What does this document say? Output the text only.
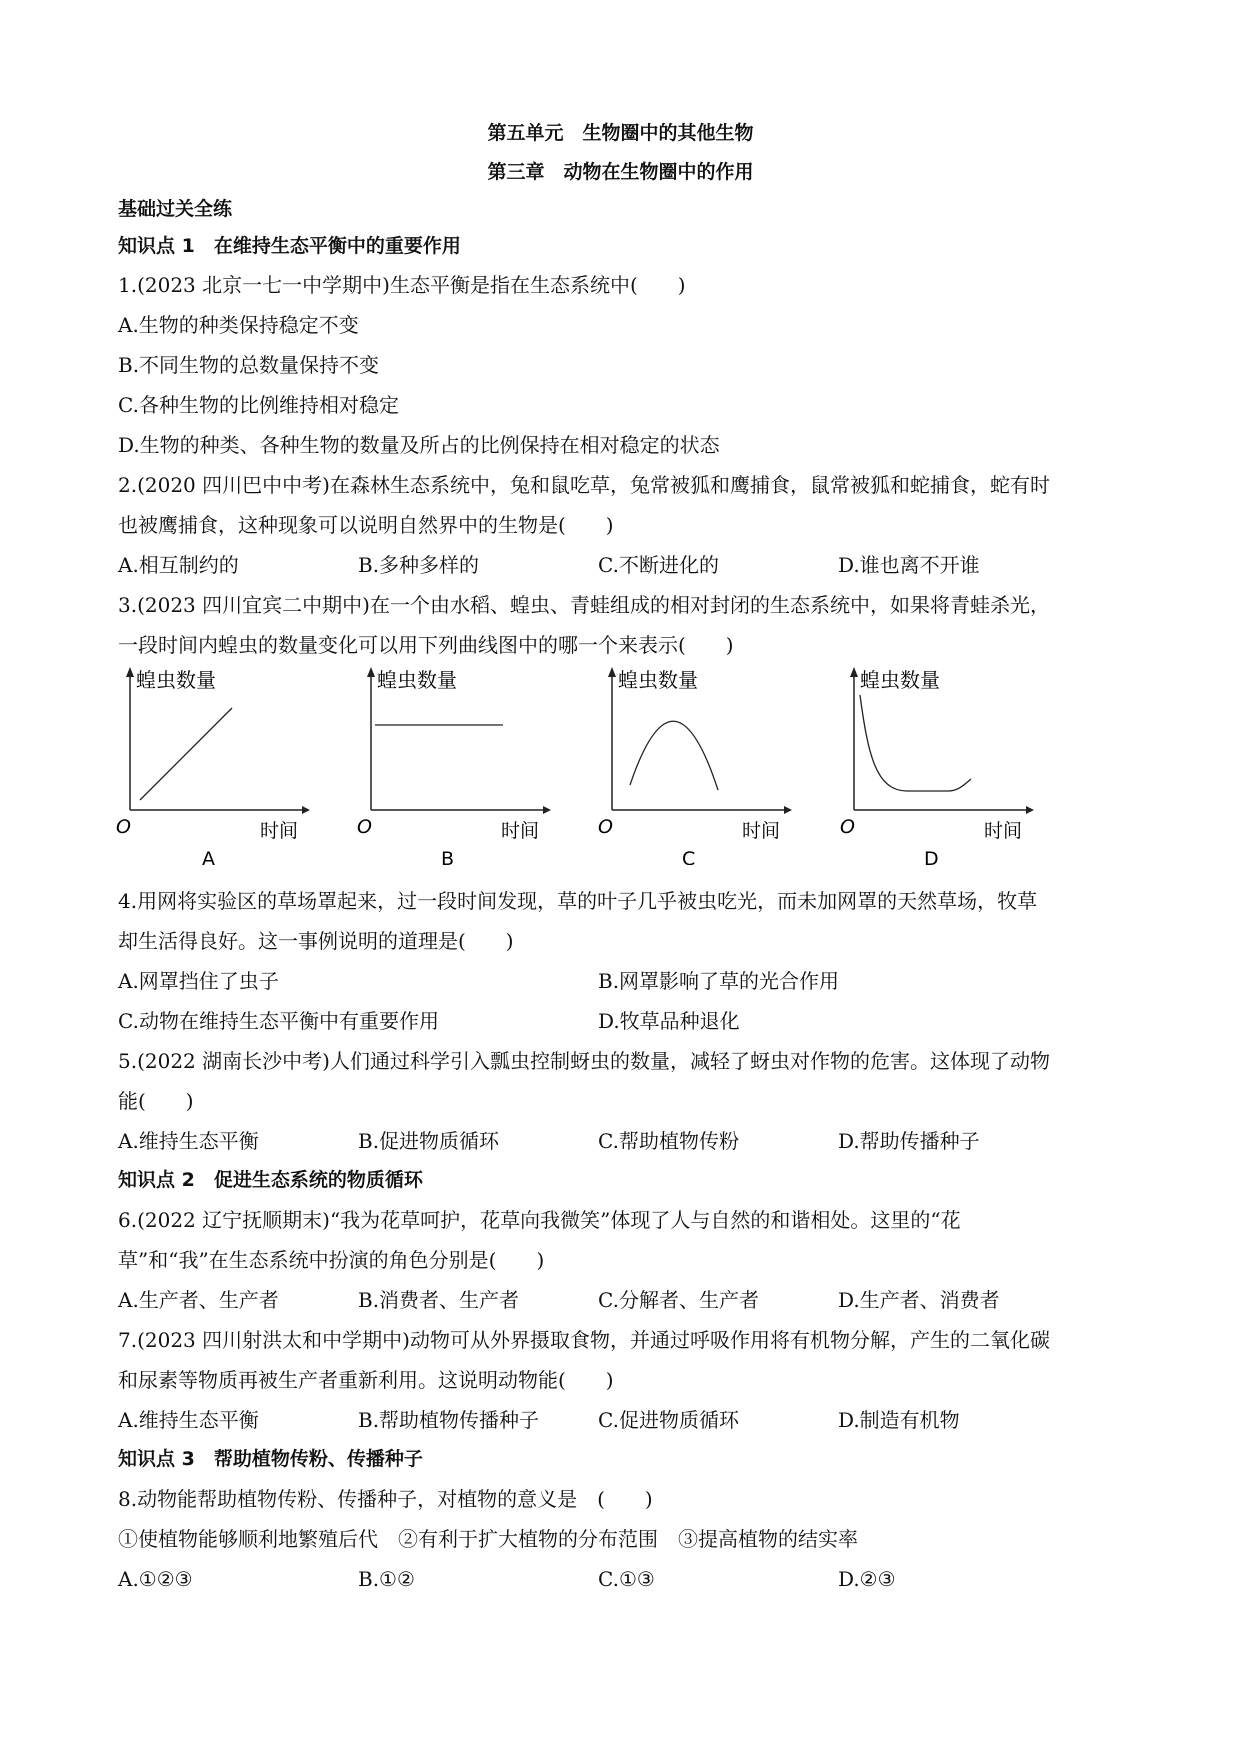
第五单元　生物圈中的其他生物
第三章　动物在生物圈中的作用
基础过关全练
知识点 1　在维持生态平衡中的重要作用
1.(2023 北京一七一中学期中)生态平衡是指在生态系统中(　　)
A.生物的种类保持稳定不变
B.不同生物的总数量保持不变
C.各种生物的比例维持相对稳定
D.生物的种类、各种生物的数量及所占的比例保持在相对稳定的状态
2.(2020 四川巴中中考)在森林生态系统中，兔和鼠吃草，兔常被狐和鹰捕食，鼠常被狐和蛇捕食，蛇有时
也被鹰捕食，这种现象可以说明自然界中的生物是(　　)
A.相互制约的	B.多种多样的	C.不断进化的	D.谁也离不开谁
3.(2023 四川宜宾二中期中)在一个由水稻、蝗虫、青蛙组成的相对封闭的生态系统中，如果将青蛙杀光，
一段时间内蝗虫的数量变化可以用下列曲线图中的哪一个来表示(　　)
蝗虫数量
O	时间
A
蝗虫数量
O	时间
B
蝗虫数量
O	时间
C
蝗虫数量
O	时间
D
4.用网将实验区的草场罩起来，过一段时间发现，草的叶子几乎被虫吃光，而未加网罩的天然草场，牧草
却生活得良好。这一事例说明的道理是(　　)
A.网罩挡住了虫子	B.网罩影响了草的光合作用
C.动物在维持生态平衡中有重要作用	D.牧草品种退化
5.(2022 湖南长沙中考)人们通过科学引入瓢虫控制蚜虫的数量，减轻了蚜虫对作物的危害。这体现了动物
能(　　)
A.维持生态平衡	B.促进物质循环	C.帮助植物传粉	D.帮助传播种子
知识点 2　促进生态系统的物质循环
6.(2022 辽宁抚顺期末)“我为花草呵护，花草向我微笑”体现了人与自然的和谐相处。这里的“花
草”和“我”在生态系统中扮演的角色分别是(　　)
A.生产者、生产者	B.消费者、生产者	C.分解者、生产者	D.生产者、消费者
7.(2023 四川射洪太和中学期中)动物可从外界摄取食物，并通过呼吸作用将有机物分解，产生的二氧化碳
和尿素等物质再被生产者重新利用。这说明动物能(　　)
A.维持生态平衡	B.帮助植物传播种子	C.促进物质循环	D.制造有机物
知识点 3　帮助植物传粉、传播种子
8.动物能帮助植物传粉、传播种子，对植物的意义是　(　　)
①使植物能够顺利地繁殖后代　②有利于扩大植物的分布范围　③提高植物的结实率
A.①②③	B.①②	C.①③	D.②③
